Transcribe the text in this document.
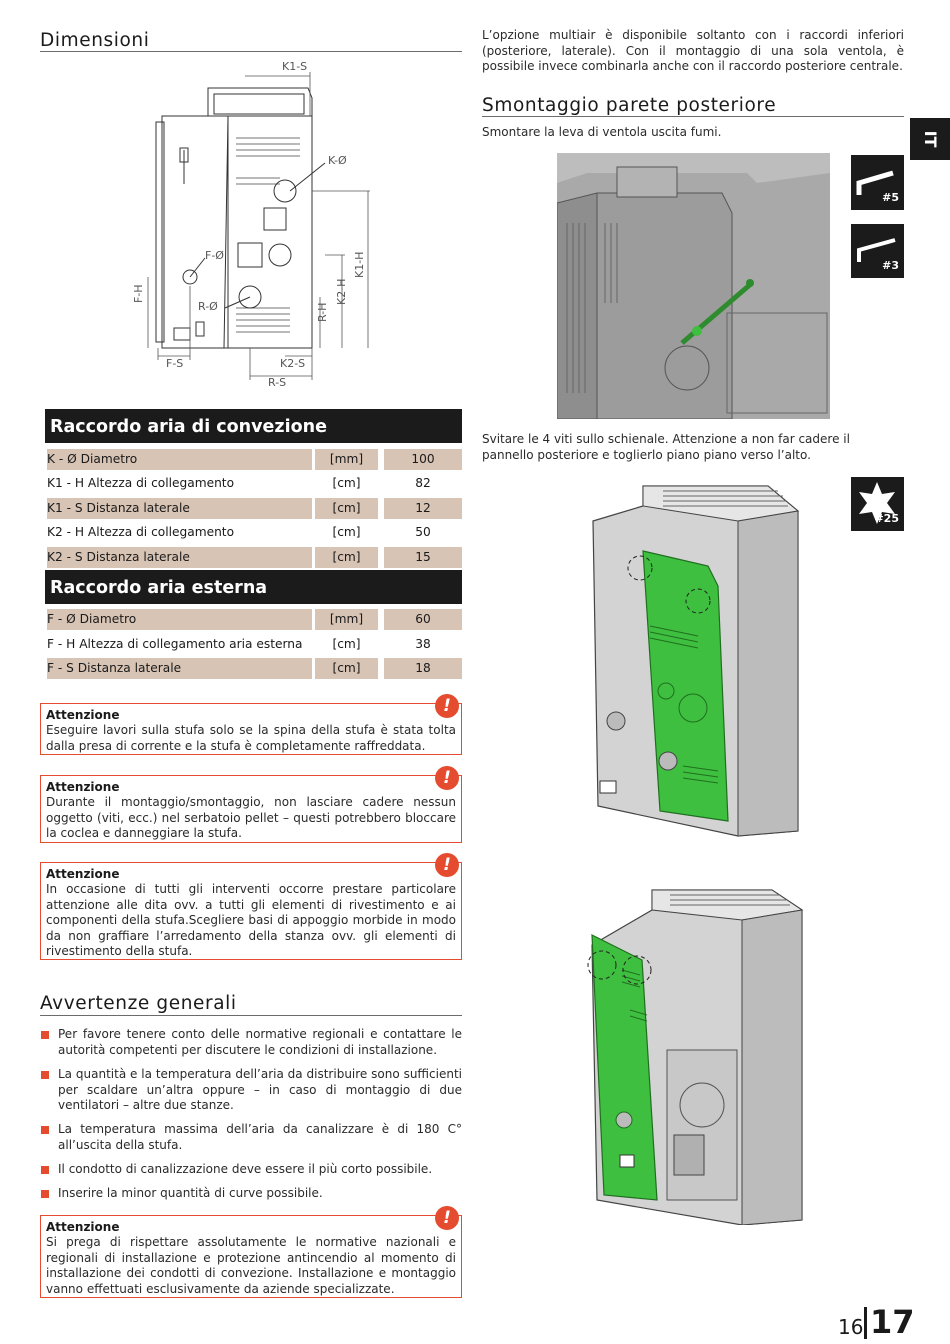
Dimensioni
K1-S
K-Ø
F-Ø
R-Ø
F-H
R-H
K2-H
K1-H
F-S	K2-S
R-S
Raccordo aria di convezione
K - Ø Diametro	[mm]	100
K1 - H Altezza di collegamento	[cm]	82
K1 - S Distanza laterale	[cm]	12
K2 - H Altezza di collegamento	[cm]	50
K2 - S Distanza laterale	[cm]	15
Raccordo aria esterna
F - Ø Diametro	[mm]	60
F - H Altezza di collegamento aria esterna	[cm]	38
F - S Distanza laterale	[cm]	18
!
Attenzione
Eseguire lavori sulla stufa solo se la spina della stufa è stata tolta dalla presa di corrente e la stufa è completamente raffreddata.
!
Attenzione
Durante il montaggio/smontaggio, non lasciare cadere nessun oggetto (viti, ecc.) nel serbatoio pellet – questi potrebbero bloccare la coclea e danneggiare la stufa.
!
Attenzione
In occasione di tutti gli interventi occorre prestare particolare attenzione alle dita ovv. a tutti gli elementi di rivestimento e ai componenti della stufa.Scegliere basi di appoggio morbide in modo da non graffiare l’arredamento della stanza ovv. gli elementi di rivestimento della stufa.
Avvertenze generali
Per favore tenere conto delle normative regionali e contattare le autorità competenti per discutere le condizioni di installazione.
La quantità e la temperatura dell’aria da distribuire sono sufficienti per scaldare un’altra oppure – in caso di montaggio di due ventilatori – altre due stanze.
La temperatura massima dell’aria da canalizzare è di 180 C° all’uscita della stufa.
Il condotto di canalizzazione deve essere il più corto possibile.
Inserire la minor quantità di curve possibile.
!
Attenzione
Si prega di rispettare assolutamente le normative nazionali e regionali di installazione e protezione antincendio al momento di installazione dei condotti di convezione. Installazione e montaggio vanno effettuati esclusivamente da aziende specializzate.
L’opzione multiair è disponibile soltanto con i raccordi inferiori (posteriore, laterale). Con il montaggio di una sola ventola, è possibile invece combinarla anche con il raccordo posteriore centrale.
Smontaggio parete posteriore
Smontare la leva di ventola uscita fumi.	IT
#5
#3
Svitare le 4 viti sullo schienale. Attenzione a non far cadere il pannello posteriore e toglierlo piano piano verso l’alto.
#25
16 17
